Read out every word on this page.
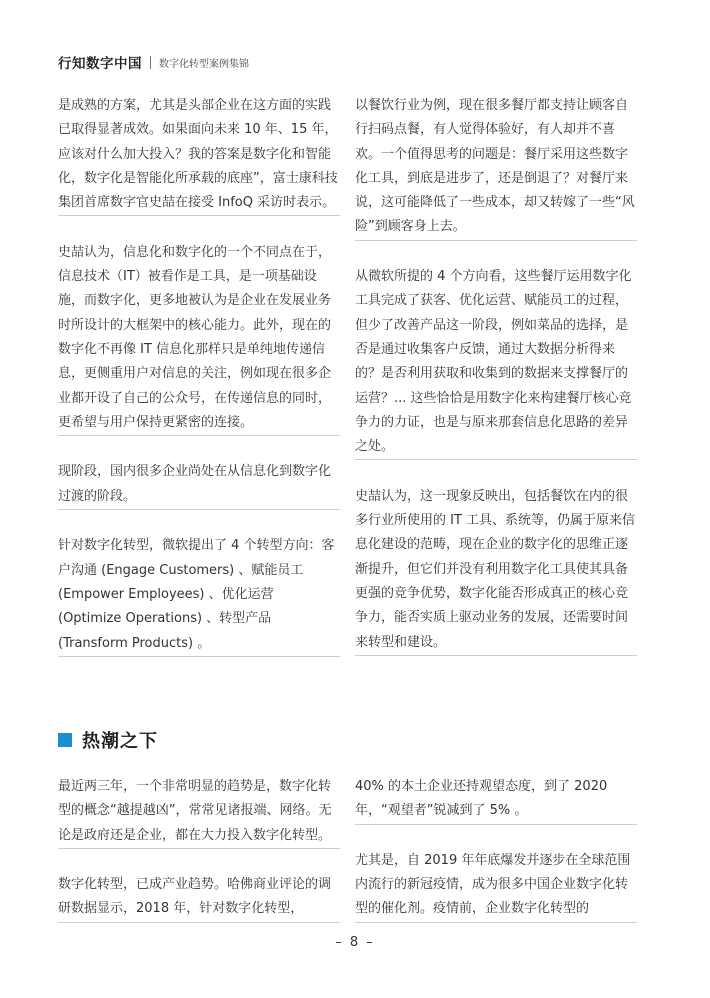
行知数字中国 数字化转型案例集锦

是成熟的方案，尤其是头部企业在这方面的实践已取得显著成效。如果面向未来 10 年、15 年，应该对什么加大投入？我的答案是数字化和智能化，数字化是智能化所承载的底座”，富士康科技集团首席数字官史喆在接受 InfoQ 采访时表示。

史喆认为，信息化和数字化的一个不同点在于，信息技术（IT）被看作是工具，是一项基础设施，而数字化，更多地被认为是企业在发展业务时所设计的大框架中的核心能力。此外，现在的数字化不再像 IT 信息化那样只是单纯地传递信息，更侧重用户对信息的关注，例如现在很多企业都开设了自己的公众号，在传递信息的同时，更希望与用户保持更紧密的连接。

现阶段，国内很多企业尚处在从信息化到数字化过渡的阶段。

针对数字化转型，微软提出了 4 个转型方向：客户沟通 (Engage Customers) 、赋能员工 (Empower Employees) 、优化运营 (Optimize Operations) 、转型产品 (Transform Products) 。

以餐饮行业为例，现在很多餐厅都支持让顾客自行扫码点餐，有人觉得体验好，有人却并不喜欢。一个值得思考的问题是：餐厅采用这些数字化工具，到底是进步了，还是倒退了？对餐厅来说，这可能降低了一些成本，却又转嫁了一些“风险”到顾客身上去。

从微软所提的 4 个方向看，这些餐厅运用数字化工具完成了获客、优化运营、赋能员工的过程，但少了改善产品这一阶段，例如菜品的选择，是否是通过收集客户反馈，通过大数据分析得来的？是否利用获取和收集到的数据来支撑餐厅的运营？... 这些恰恰是用数字化来构建餐厅核心竞争力的力证，也是与原来那套信息化思路的差异之处。

史喆认为，这一现象反映出，包括餐饮在内的很多行业所使用的 IT 工具、系统等，仍属于原来信息化建设的范畴，现在企业的数字化的思维正逐渐提升，但它们并没有利用数字化工具使其具备更强的竞争优势，数字化能否形成真正的核心竞争力，能否实质上驱动业务的发展，还需要时间来转型和建设。

热潮之下

最近两三年，一个非常明显的趋势是，数字化转型的概念“越提越凶”，常常见诸报端、网络。无论是政府还是企业，都在大力投入数字化转型。

数字化转型，已成产业趋势。哈佛商业评论的调研数据显示，2018 年，针对数字化转型，

40% 的本土企业还持观望态度，到了 2020 年，“观望者”锐减到了 5% 。

尤其是，自 2019 年年底爆发并逐步在全球范围内流行的新冠疫情，成为很多中国企业数字化转型的催化剂。疫情前，企业数字化转型的

– 8 –
